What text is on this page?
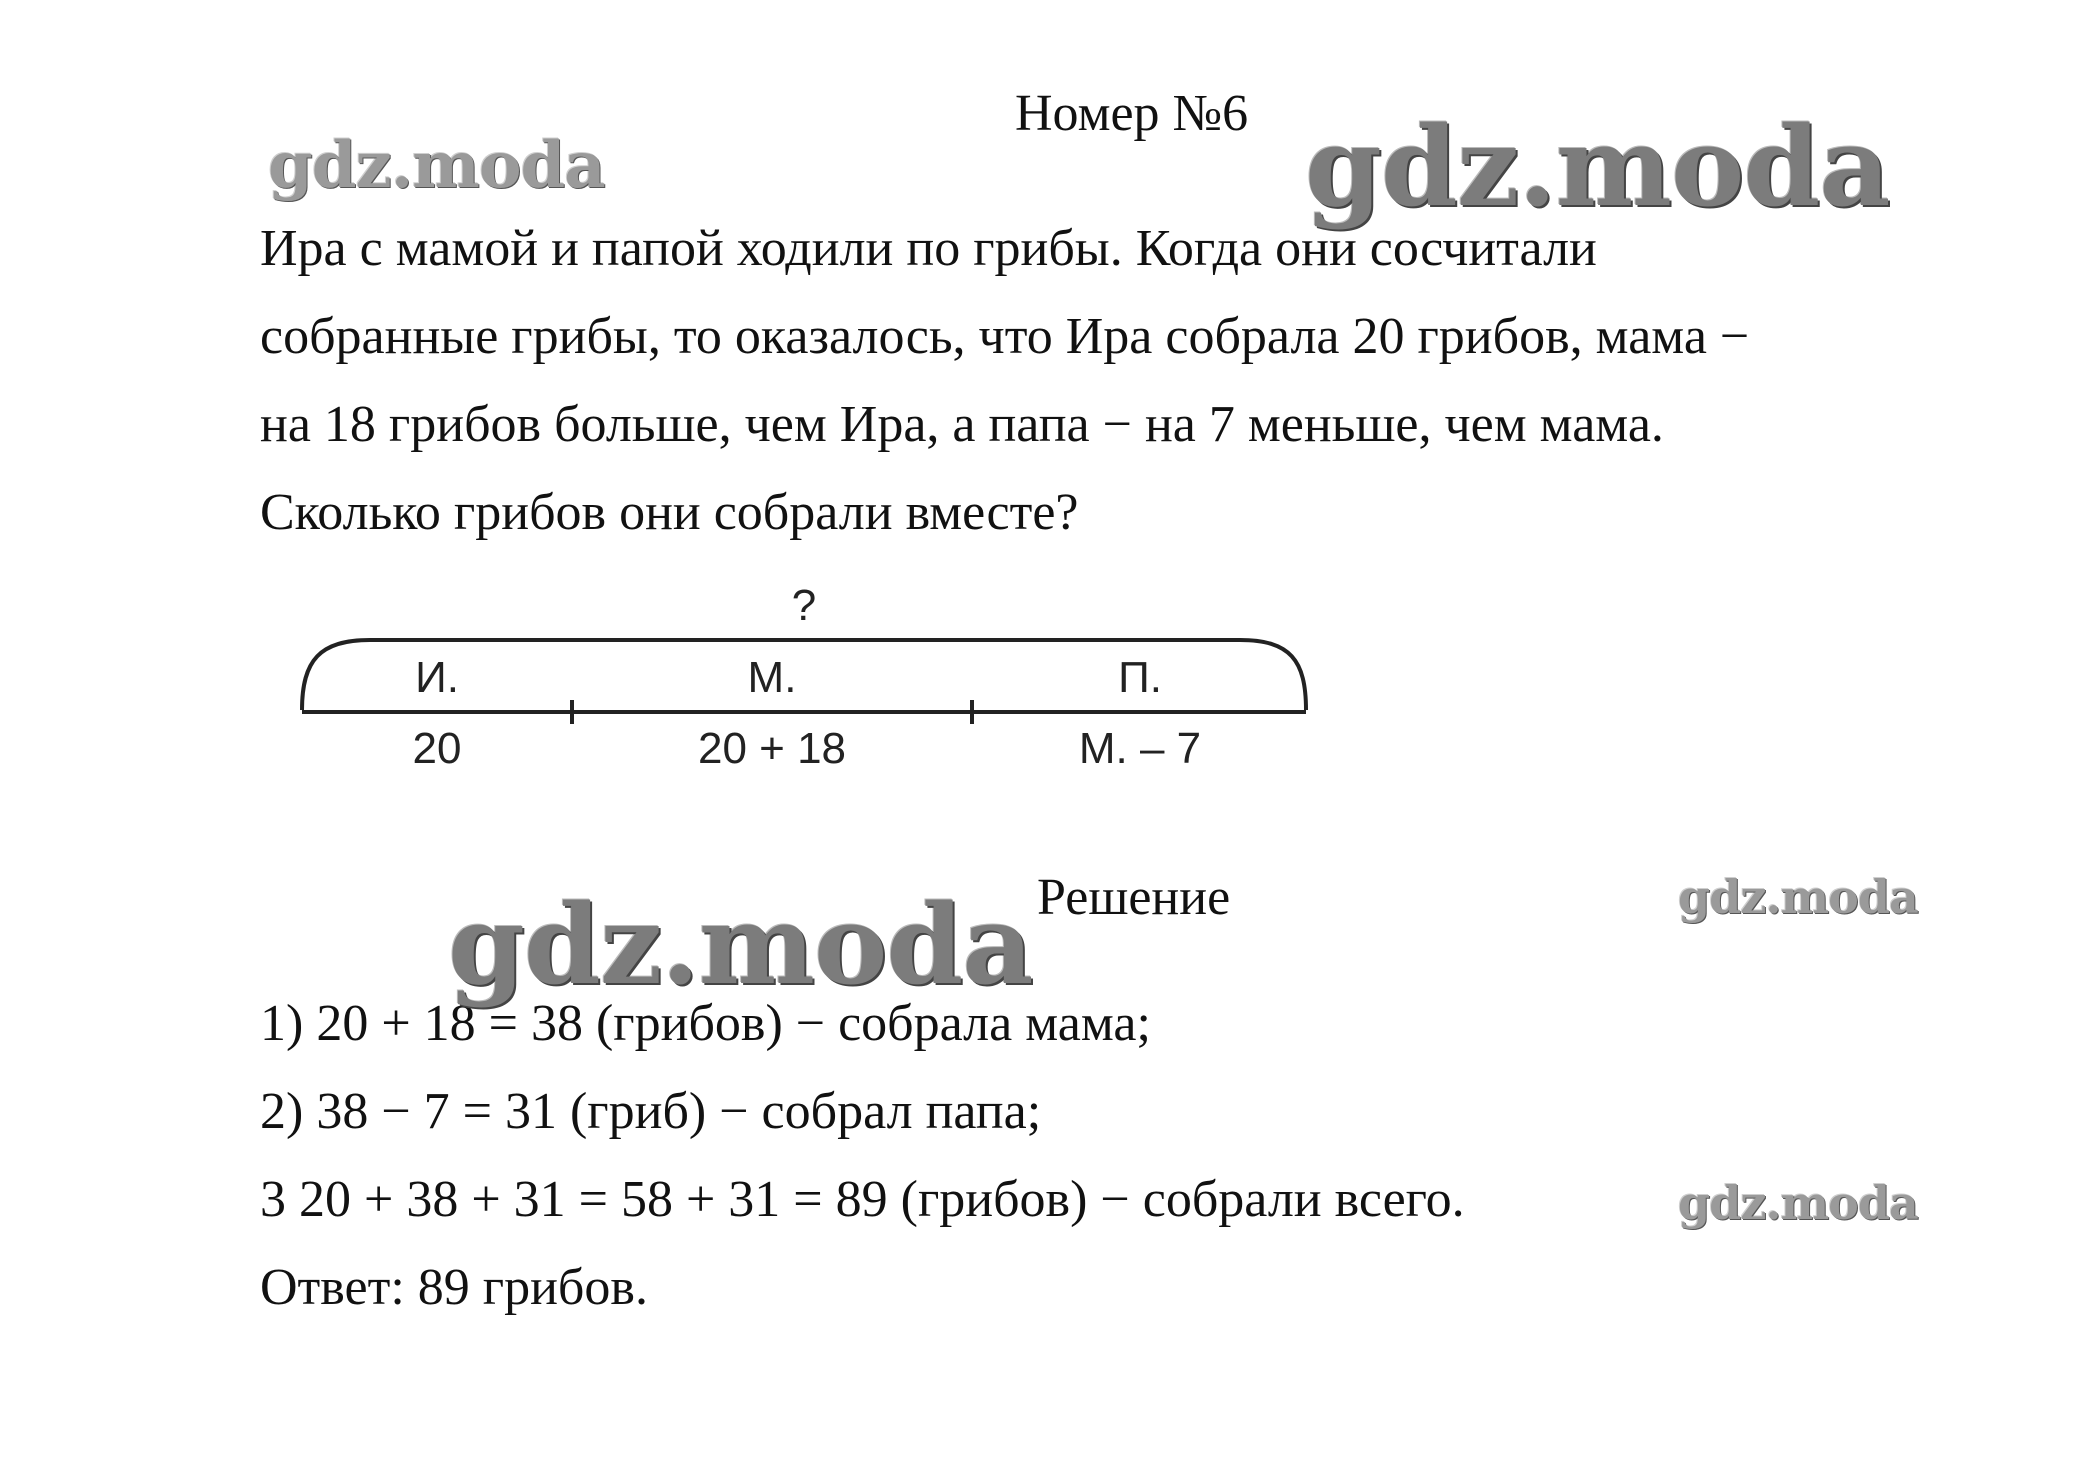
Номер №6

Ира с мамой и папой ходили по грибы. Когда они сосчитали

собранные грибы, то оказалось, что Ира собрала 20 грибов, мама −

на 18 грибов больше, чем Ира, а папа − на 7 меньше, чем мама.

Сколько грибов они собрали вместе?

?
И.	М.	П.
20	20 + 18	М. – 7
Решение

1) 20 + 18 = 38 (грибов) − собрала мама;

2) 38 − 7 = 31 (гриб) − собрал папа;

3 20 + 38 + 31 = 58 + 31 = 89 (грибов) − собрали всего.

Ответ: 89 грибов.

gdz.moda	gdz.moda
gdz.moda	gdz.moda
gdz.moda
